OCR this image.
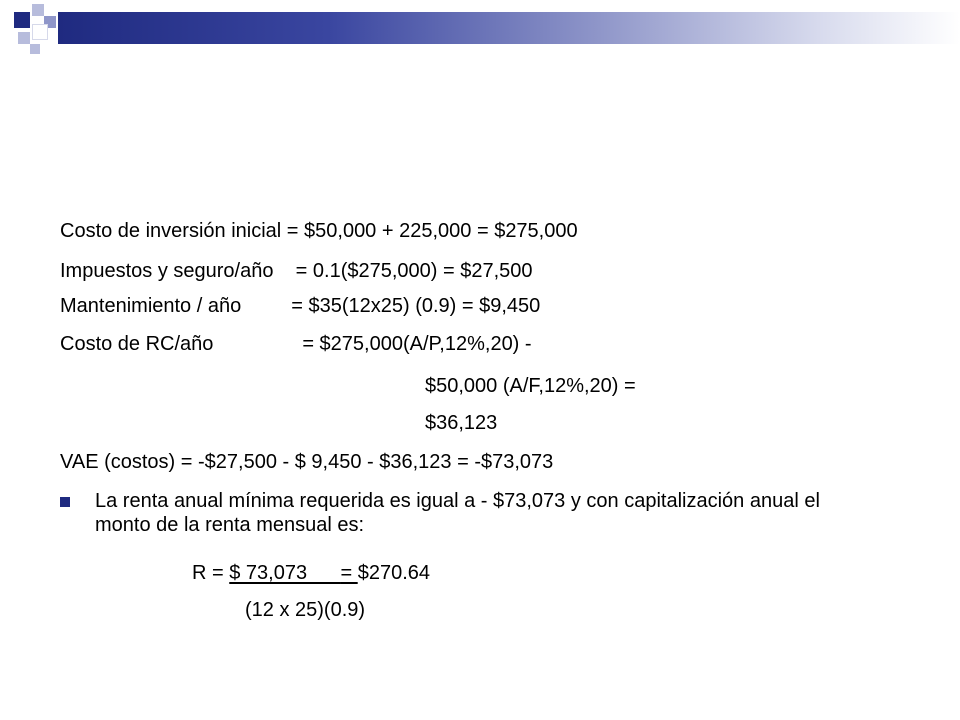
Costo de inversión inicial = $50,000 + 225,000 = $275,000
Impuestos y seguro/año    = 0.1($275,000) = $27,500
Mantenimiento / año         = $35(12x25) (0.9) = $9,450
Costo de RC/año                = $275,000(A/P,12%,20) -
$50,000 (A/F,12%,20) =
$36,123
VAE (costos) = -$27,500 - $ 9,450 - $36,123 = -$73,073
La renta anual mínima requerida es igual a - $73,073 y con capitalización anual el monto de la renta mensual es:
R = $ 73,073      = $270.64
(12 x 25)(0.9)
